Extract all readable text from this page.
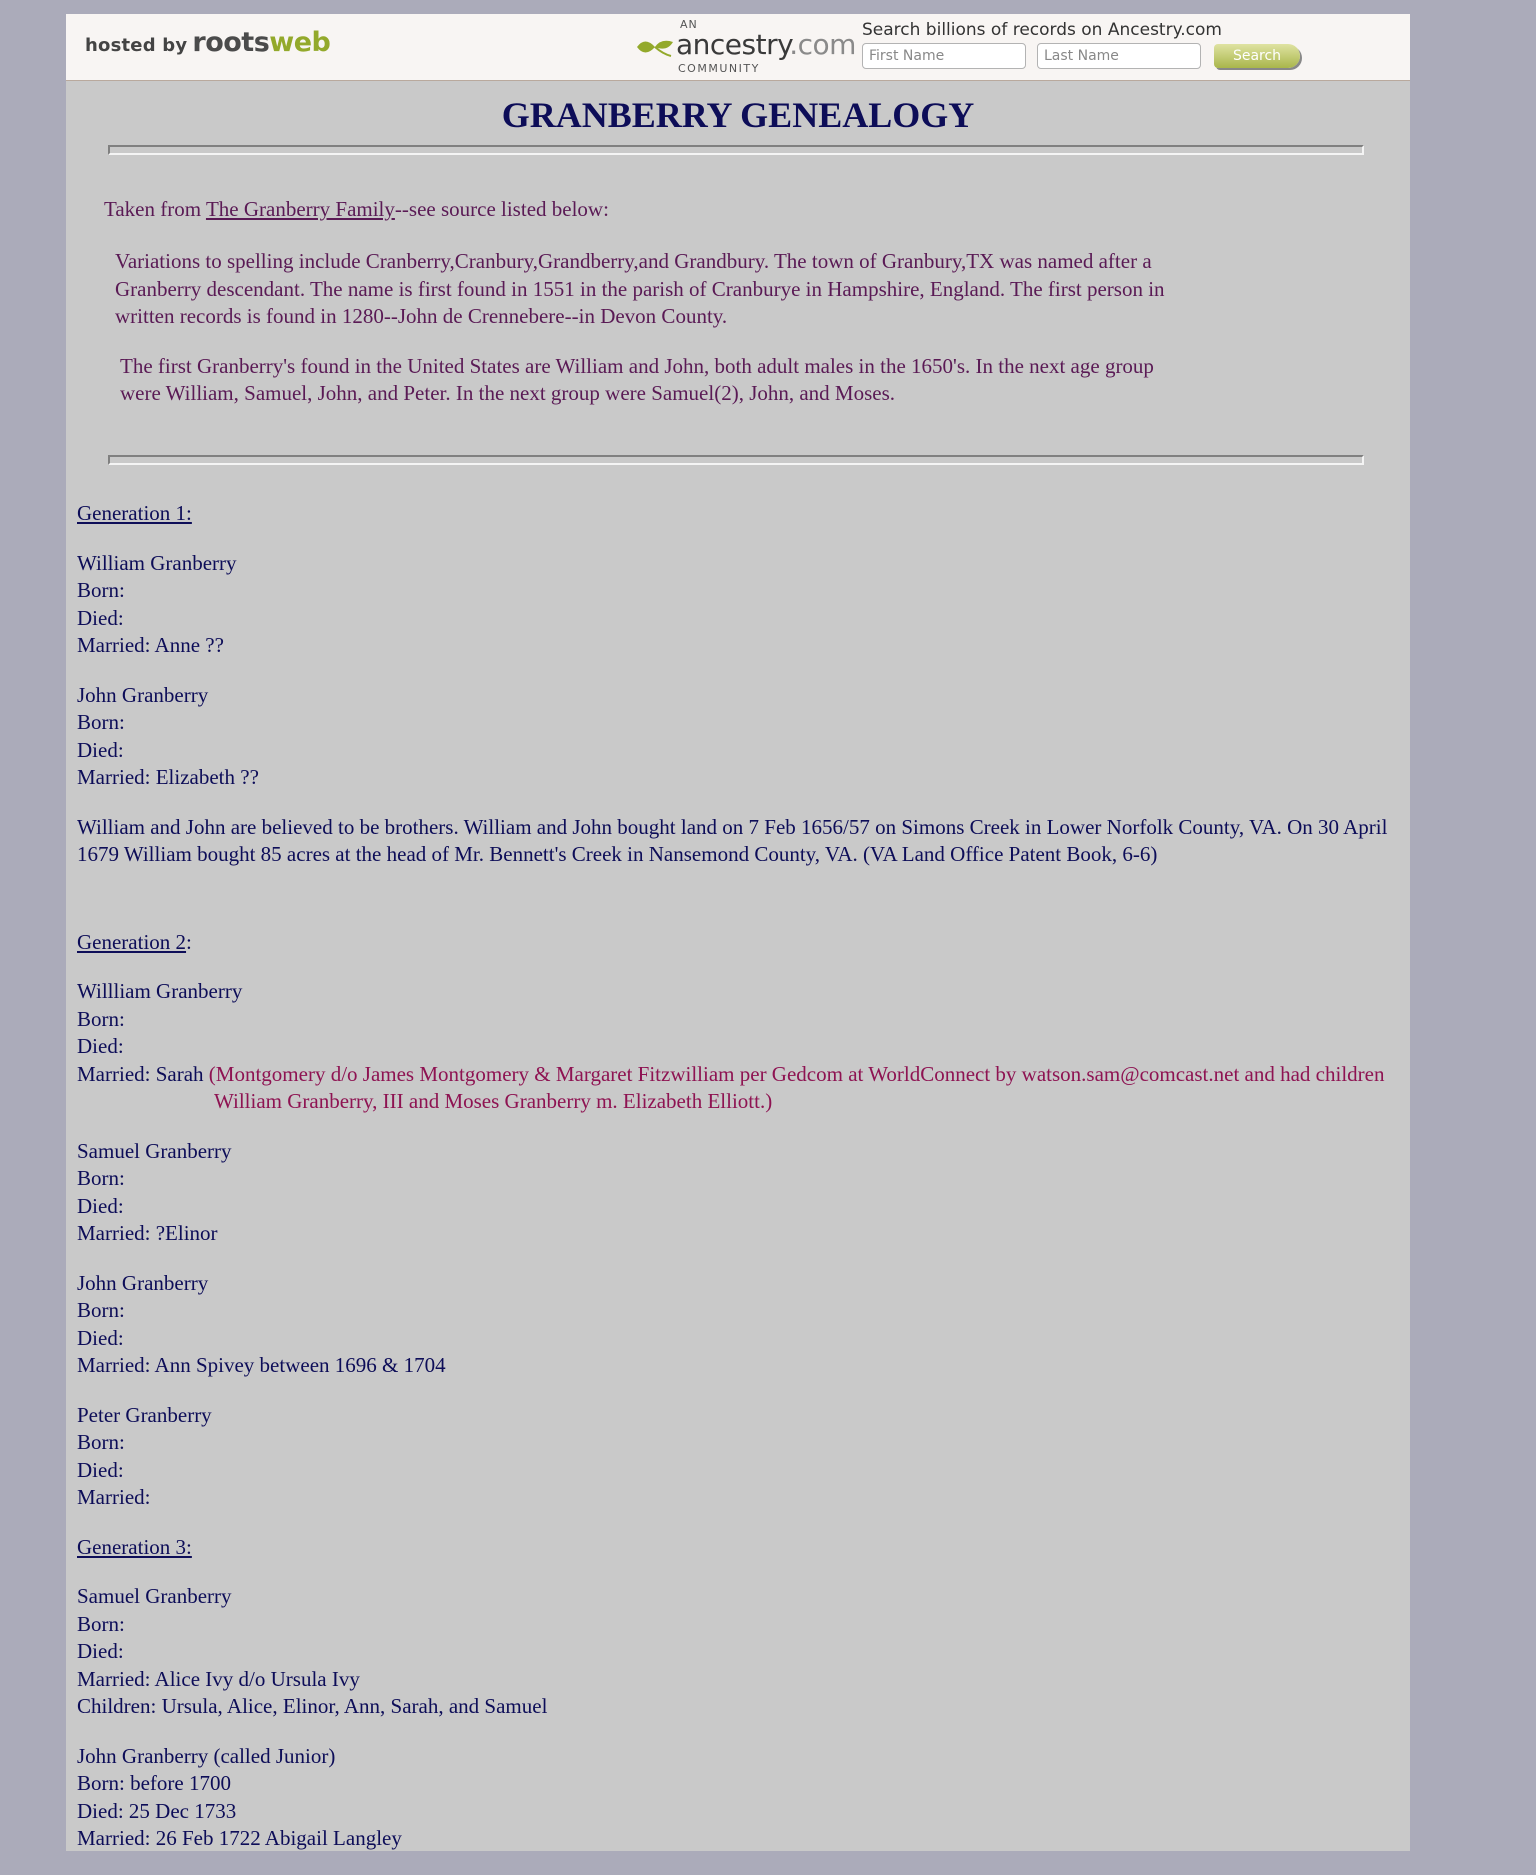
hosted by rootsweb
AN
ancestry.com
COMMUNITY
Search billions of records on Ancestry.com
First Name
Last Name
Search
GRANBERRY GENEALOGY

Taken from The Granberry Family--see source listed below:

Variations to spelling include Cranberry,Cranbury,Grandberry,and Grandbury. The town of Granbury,TX was named after a Granberry descendant. The name is first found in 1551 in the parish of Cranburye in Hampshire, England. The first person in written records is found in 1280--John de Crennebere--in Devon County.

The first Granberry's found in the United States are William and John, both adult males in the 1650's. In the next age group were William, Samuel, John, and Peter. In the next group were Samuel(2), John, and Moses.

Generation 1:

William Granberry
Born:
Died:
Married: Anne ??

John Granberry
Born:
Died:
Married: Elizabeth ??

William and John are believed to be brothers. William and John bought land on 7 Feb 1656/57 on Simons Creek in Lower Norfolk County, VA. On 30 April 1679 William bought 85 acres at the head of Mr. Bennett's Creek in Nansemond County, VA. (VA Land Office Patent Book, 6-6)

Generation 2:

Willliam Granberry
Born:
Died:
Married: Sarah (Montgomery d/o James Montgomery & Margaret Fitzwilliam per Gedcom at WorldConnect by watson.sam@comcast.net and had children
William Granberry, III and Moses Granberry m. Elizabeth Elliott.)

Samuel Granberry
Born:
Died:
Married: ?Elinor

John Granberry
Born:
Died:
Married: Ann Spivey between 1696 & 1704

Peter Granberry
Born:
Died:
Married:

Generation 3:

Samuel Granberry
Born:
Died:
Married: Alice Ivy d/o Ursula Ivy
Children: Ursula, Alice, Elinor, Ann, Sarah, and Samuel

John Granberry (called Junior)
Born: before 1700
Died: 25 Dec 1733
Married: 26 Feb 1722 Abigail Langley
